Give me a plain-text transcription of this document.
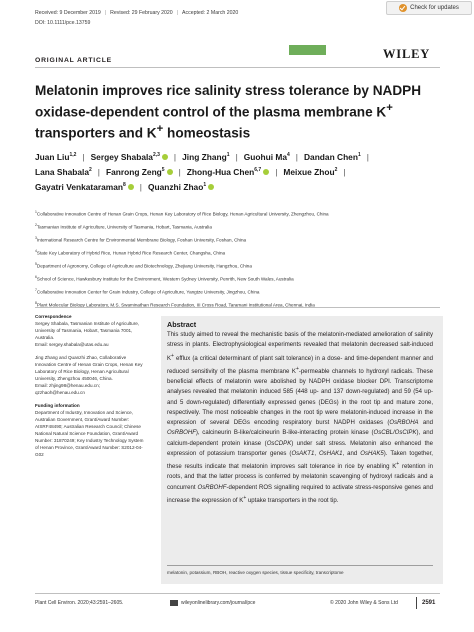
Check for updates
Received: 9 December 2019 | Revised: 29 February 2020 | Accepted: 2 March 2020
DOI: 10.1111/pce.13759
ORIGINAL ARTICLE	WILEY
Melatonin improves rice salinity stress tolerance by NADPH
oxidase-dependent control of the plasma membrane K+
transporters and K+ homeostasis
Juan Liu$^{1,2}$ | Sergey Shabala$^{2,3}$ | Jing Zhang$^1$ | Guohui Ma$^4$ | Dandan Chen$^1$ |
Lana Shabala$^2$ | Fanrong Zeng$^5$ | Zhong-Hua Chen$^{6,7}$ | Meixue Zhou$^2$ |
Gayatri Venkataraman$^8$ | Quanzhi Zhao$^1$
$^1$Collaborative Innovation Centre of Henan Grain Crops, Henan Key Laboratory of Rice Biology, Henan Agricultural University, Zhengzhou, China
$^2$Tasmanian Institute of Agriculture, University of Tasmania, Hobart, Tasmania, Australia
$^3$International Research Centre for Environmental Membrane Biology, Foshan University, Foshan, China
$^4$State Key Laboratory of Hybrid Rice, Hunan Hybrid Rice Research Center, Changsha, China
$^5$Department of Agronomy, College of Agriculture and Biotechnology, Zhejiang University, Hangzhou, China
$^6$School of Science, Hawkesbury Institute for the Environment, Western Sydney University, Penrith, New South Wales, Australia
$^7$Collaborative Innovation Center for Grain Industry, College of Agriculture, Yangtze University, Jingzhou, China
$^8$Plant Molecular Biology Laboratory, M.S. Swaminathan Research Foundation, III Cross Road, Taramani Institutional Area, Chennai, India

Correspondence
Sergey Shabala, Tasmanian Institute of Agriculture, University of Tasmania, Hobart, Tasmania 7001, Australia.
Email: sergey.shabala@utas.edu.au

Jing Zhang and Quanzhi Zhao, Collaborative Innovation Centre of Henan Grain Crops, Henan Key Laboratory of Rice Biology, Henan Agricultural University, Zhengzhou 450046, China.
Email: zhjing98@henau.edu.cn; qzzhaoh@henau.edu.cn

Funding information
Department of Industry, Innovation and Science, Australian Government, Grant/Award Number: AISRF48490; Australian Research Council; Chinese National Natural Science Foundation, Grant/Award Number: 31870249; Key Industry Technology System of Henan Province, Grant/Award Number: S2012-04-G02

Abstract
This study aimed to reveal the mechanistic basis of the melatonin-mediated amelioration of salinity stress in plants. Electrophysiological experiments revealed that melatonin decreased salt-induced K+ efflux (a critical determinant of plant salt tolerance) in a dose- and time-dependent manner and reduced sensitivity of the plasma membrane K+-permeable channels to hydroxyl radicals. These beneficial effects of melatonin were abolished by NADPH oxidase blocker DPI. Transcriptome analyses revealed that melatonin induced 585 (448 up- and 137 down-regulated) and 59 (54 up- and 5 down-regulated) differentially expressed genes (DEGs) in the root tip and mature zone, respectively. The most noticeable changes in the root tip were melatonin-induced increase in the expression of several DEGs encoding respiratory burst NADPH oxidases (OsRBOHA and OsRBOHF), calcineurin B-like/calcineurin B-like-interacting protein kinase (OsCBL/OsCIPK), and calcium-dependent protein kinase (OsCDPK) under salt stress. Melatonin also enhanced the expression of potassium transporter genes (OsAKT1, OsHAK1, and OsHAK5). Taken together, these results indicate that melatonin improves salt tolerance in rice by enabling K+ retention in roots, and that the latter process is conferred by melatonin scavenging of hydroxyl radicals and a concurrent OsRBOHF-dependent ROS signalling required to activate stress-responsive genes and increase the expression of K+ uptake transporters in the root tip.
melatonin, potassium, RBOH, reactive oxygen species, tissue specificity, transcriptome
Plant Cell Environ. 2020;43:2591–2605.	wileyonlinelibrary.com/journal/pce	© 2020 John Wiley & Sons Ltd	2591
